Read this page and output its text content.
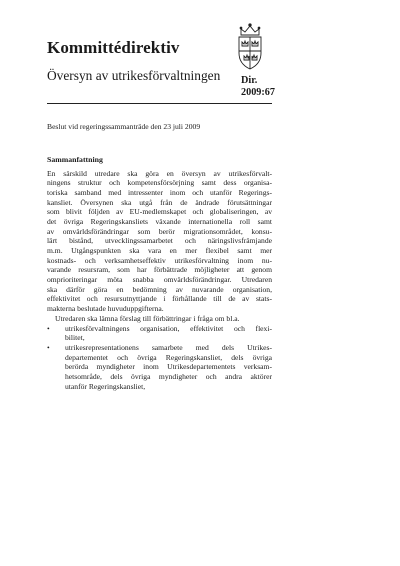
Kommittédirektiv
Översyn av utrikesförvaltningen Dir.
2009:67
Beslut vid regeringssammanträde den 23 juli 2009
Sammanfattning
En särskild utredare ska göra en översyn av utrikesförvalt-
ningens struktur och kompetensförsörjning samt dess organisa-
toriska samband med intressenter inom och utanför Regerings-
kansliet. Översynen ska utgå från de ändrade förutsättningar
som blivit följden av EU-medlemskapet och globaliseringen, av
det övriga Regeringskansliets växande internationella roll samt
av omvärldsförändringar som berör migrationsområdet, konsu-
lärt bistånd, utvecklingssamarbetet och näringslivsfrämjande
m.m. Utgångspunkten ska vara en mer flexibel samt mer
kostnads- och verksamhetseffektiv utrikesförvaltning inom nu-
varande resursram, som har förbättrade möjligheter att genom
omprioriteringar möta snabba omvärldsförändringar. Utredaren
ska därför göra en bedömning av nuvarande organisation,
effektivitet och resursutnyttjande i förhållande till de av stats-
makterna beslutade huvuduppgifterna.
Utredaren ska lämna förslag till förbättringar i fråga om bl.a.
•	utrikesförvaltningens organisation, effektivitet och flexi-
bilitet,
•	utrikesrepresentationens samarbete med dels Utrikes-
departementet och övriga Regeringskansliet, dels övriga
berörda myndigheter inom Utrikesdepartementets verksam-
hetsområde, dels övriga myndigheter och andra aktörer
utanför Regeringskansliet,
